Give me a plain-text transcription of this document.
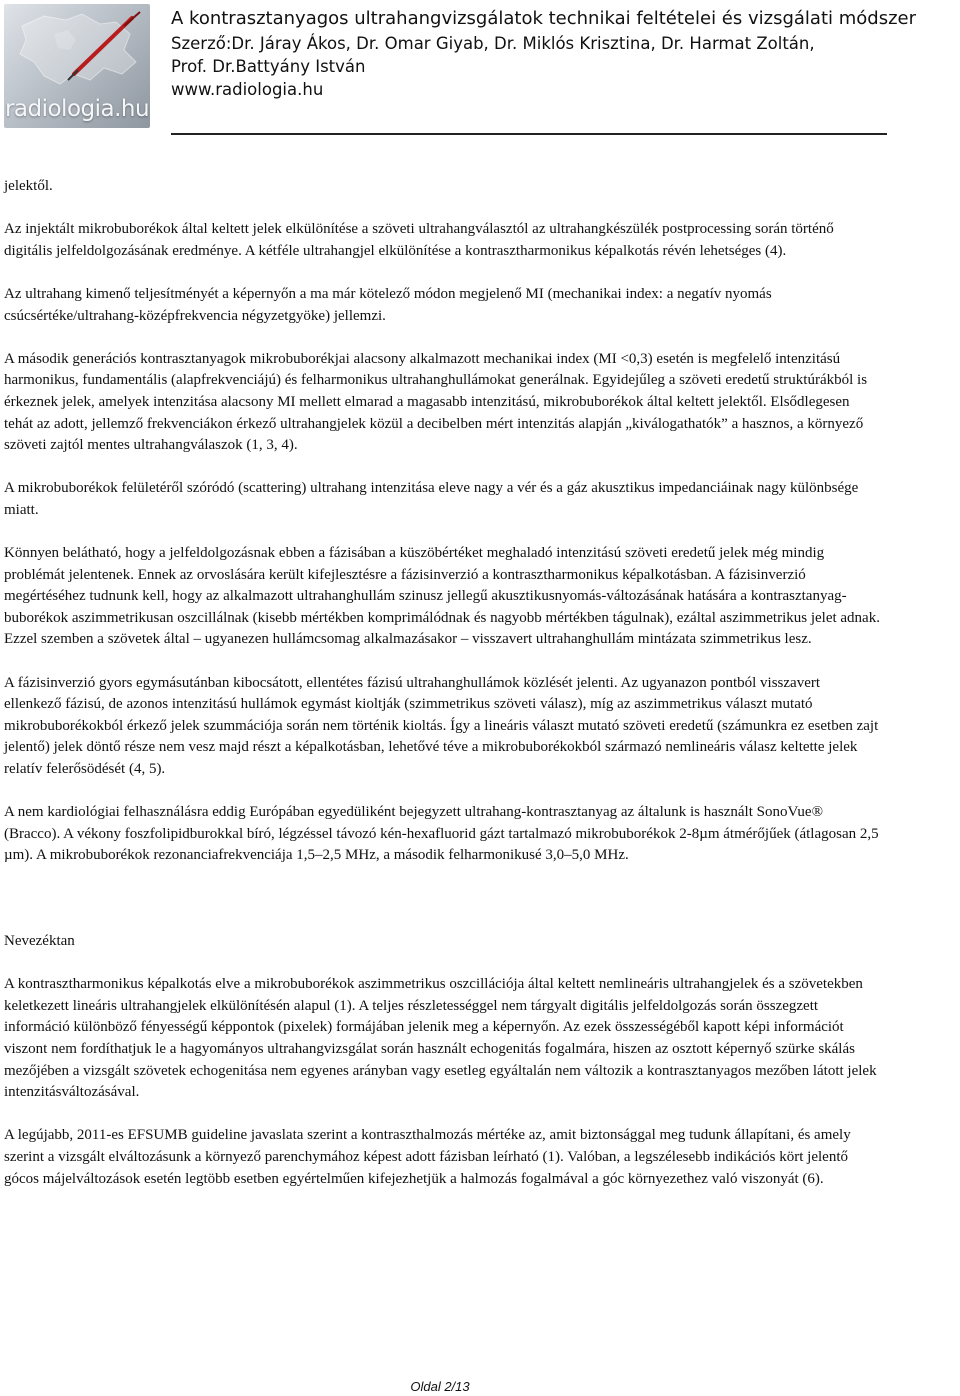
radiologia.hu
A kontrasztanyagos ultrahangvizsgálatok technikai feltételei és vizsgálati módszer
Szerző:Dr. Járay Ákos, Dr. Omar Giyab, Dr. Miklós Krisztina, Dr. Harmat Zoltán,
Prof. Dr.Battyány István
www.radiologia.hu

jelektől.

Az injektált mikrobuborékok által keltett jelek elkülönítése a szöveti ultrahangválasztól az ultrahangkészülék postprocessing során történő digitális jelfeldolgozásának eredménye. A kétféle ultrahangjel elkülönítése a kontrasztharmonikus képalkotás révén lehetséges (4).

Az ultrahang kimenő teljesítményét a képernyőn a ma már kötelező módon megjelenő MI (mechanikai index: a negatív nyomás csúcsértéke/ultrahang-középfrekvencia négyzetgyöke) jellemzi.

A második generációs kontrasztanyagok mikrobuborékjai alacsony alkalmazott mechanikai index (MI <0,3) esetén is megfelelő intenzitású harmonikus, fundamentális (alapfrekvenciájú) és felharmonikus ultrahanghullámokat generálnak. Egyidejűleg a szöveti eredetű struktúrákból is érkeznek jelek, amelyek intenzitása alacsony MI mellett elmarad a magasabb intenzitású, mikrobuborékok által keltett jelektől. Elsődlegesen tehát az adott, jellemző frekvenciákon érkező ultrahangjelek közül a decibelben mért intenzitás alapján „kiválogathatók” a hasznos, a környező szöveti zajtól mentes ultrahangválaszok (1, 3, 4).

A mikrobuborékok felületéről szóródó (scattering) ultrahang intenzitása eleve nagy a vér és a gáz akusztikus impedanciáinak nagy különbsége miatt.

Könnyen belátható, hogy a jelfeldolgozásnak ebben a fázisában a küszöbértéket meghaladó intenzitású szöveti eredetű jelek még mindig problémát jelentenek. Ennek az orvoslására került kifejlesztésre a fázisinverzió a kontrasztharmonikus képalkotásban. A fázisinverzió megértéséhez tudnunk kell, hogy az alkalmazott ultrahanghullám szinusz jellegű akusztikusnyomás-változásának hatására a kontrasztanyag-buborékok aszimmetrikusan oszcillálnak (kisebb mértékben komprimálódnak és nagyobb mértékben tágulnak), ezáltal aszimmetrikus jelet adnak. Ezzel szemben a szövetek által – ugyanezen hullámcsomag alkalmazásakor – visszavert ultrahanghullám mintázata szimmetrikus lesz.

A fázisinverzió gyors egymásutánban kibocsátott, ellentétes fázisú ultrahanghullámok közlését jelenti. Az ugyanazon pontból visszavert ellenkező fázisú, de azonos intenzitású hullámok egymást kioltják (szimmetrikus szöveti válasz), míg az aszimmetrikus választ mutató mikrobuborékokból érkező jelek szummációja során nem történik kioltás. Így a lineáris választ mutató szöveti eredetű (számunkra ez esetben zajt jelentő) jelek döntő része nem vesz majd részt a képalkotásban, lehetővé téve a mikrobuborékokból származó nemlineáris válasz keltette jelek relatív felerősödését (4, 5).

A nem kardiológiai felhasználásra eddig Európában egyedüliként bejegyzett ultrahang-kontrasztanyag az általunk is használt SonoVue® (Bracco). A vékony foszfolipidburokkal bíró, légzéssel távozó kén-hexafluorid gázt tartalmazó mikrobuborékok 2-8µm átmérőjűek (átlagosan 2,5 µm). A mikrobuborékok rezonanciafrekvenciája 1,5–2,5 MHz, a második felharmonikusé 3,0–5,0 MHz.

Nevezéktan

A kontrasztharmonikus képalkotás elve a mikrobuborékok aszimmetrikus oszcillációja által keltett nemlineáris ultrahangjelek és a szövetekben keletkezett lineáris ultrahangjelek elkülönítésén alapul (1). A teljes részletességgel nem tárgyalt digitális jelfeldolgozás során összegzett információ különböző fényességű képpontok (pixelek) formájában jelenik meg a képernyőn. Az ezek összességéből kapott képi információt viszont nem fordíthatjuk le a hagyományos ultrahangvizsgálat során használt echogenitás fogalmára, hiszen az osztott képernyő szürke skálás mezőjében a vizsgált szövetek echogenitása nem egyenes arányban vagy esetleg egyáltalán nem változik a kontrasztanyagos mezőben látott jelek intenzitásváltozásával.

A legújabb, 2011-es EFSUMB guideline javaslata szerint a kontraszthalmozás mértéke az, amit biztonsággal meg tudunk állapítani, és amely szerint a vizsgált elváltozásunk a környező parenchymához képest adott fázisban leírható (1). Valóban, a legszélesebb indikációs kört jelentő gócos májelváltozások esetén legtöbb esetben egyértelműen kifejezhetjük a halmozás fogalmával a góc környezethez való viszonyát (6).

Oldal 2/13
